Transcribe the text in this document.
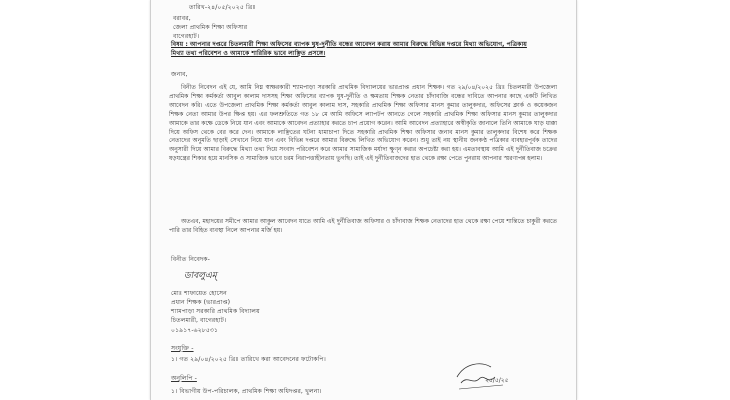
তারিখ-২৪/০৫/২০২৫ খ্রিঃ
বরাবর,
জেলা প্রাথমিক শিক্ষা অফিসার
বাগেরহাট।
বিষয় : আপনার দপ্তরে চিতলমারী শিক্ষা অফিসের ব্যাপক ঘুষ-দুর্নীতি বন্ধের আবেদন করায় আমার বিরুদ্ধে বিভিন্ন দপ্তরে মিথ্যা অভিযোগ, পত্রিকায় মিথ্যা তথ্য পরিবেশন ও আমাকে শারিরিক ভাবে লাঞ্ছিত প্রসঙ্গে।
জনাব,
বিনীত নিবেদন এই যে, আমি নিম্ন স্বাক্ষরকারী শ্যামপাড়া সরকারি প্রাথমিক বিদ্যালয়ের ভারপ্রাপ্ত প্রধান শিক্ষক। গত ২৯/০৪/২০২৫ খ্রিঃ চিতলমারী উপজেলা প্রাথমিক শিক্ষা কর্মকর্তা আবুল কালাম দাসসহ শিক্ষা অফিসের ব্যাপক ঘুষ-দুর্নীতি ও ক্ষমতায় শিক্ষক নেতার চাঁদাবাজি বন্ধের দাবিতে আপনার কাছে একটি লিখিত আবেদন করি। এতে উপজেলা প্রাথমিক শিক্ষা কর্মকর্তা আবুল কালাম দাস, সহকারি প্রাথমিক শিক্ষা অফিসার মানস কুমার তালুকদার, অফিসের ক্লার্ক ও কয়েকজন শিক্ষক নেতা আমার উপর ক্ষিপ্ত হয়। এর ফলশ্রুতিতে গত ১৮ মে আমি অফিসে ল্যাপটপ আনতে গেলে সহকারি প্রাথমিক শিক্ষা অফিসার মানস কুমার তালুকদার আমাকে তার কক্ষে ডেকে নিয়ে যান এবং আমাকে আবেদন প্রত্যাহার করতে চাপ প্রয়োগ করেন। আমি আবেদন প্রত্যাহারে অস্বীকৃতি জানালে তিনি আমাকে ঘাড় ধাক্কা দিয়ে অফিস থেকে বের করে দেন। আমাকে লাঞ্ছিতের ঘটনা ধামাচাপা দিতে সহকারি প্রাথমিক শিক্ষা অফিসার জনাব মানস কুমার তালুকদার বিশেষ করে শিক্ষক নেতাদের অনুমতি ছাড়াই সেখানে নিয়ে যান এবং বিভিন্ন দপ্তরে আমার বিরুদ্ধে লিখিত অভিযোগ করেন। শুধু তাই নয় স্থানীয় জনকণ্ঠ পত্রিকার ব্যবহারপূর্বক তাদের অনুসারী দিয়ে আমার বিরুদ্ধে মিথ্যা তথ্য দিয়ে সংবাদ পরিবেশন করে আমার সামাজিক মর্যাদা ক্ষুণ্ন করার অপচেষ্টা করা হয়। এমতাবস্থায় আমি এই দুর্নীতিবাজ চক্রের ষড়যন্ত্রের শিকার হয়ে মানসিক ও সামাজিক ভাবে চরম নিরাপত্তাহীনতায় ভুগছি। তাই এই দুর্নীতিবাজদের হাত থেকে রক্ষা পেতে পুনরায় আপনার স্মরণাপন্ন হলাম।
অতএব, মহাদয়ের সমীপে আমার আকুল আবেদন যাতে আমি এই দুর্নীতিবাজ অফিসার ও চাঁদাবাজ শিক্ষক নেতাদের হাত থেকে রক্ষা পেয়ে শান্তিতে চাকুরী করতে পারি তার বিহিত ব্যবস্থা নিলে আপনার মর্জি হয়।
বিনীত নিবেদক-
ডাবলুএম্
মোঃ শাফায়েত হোসেন
প্রধান শিক্ষক (ভারপ্রাপ্ত)
শ্যামপাড়া সরকারি প্রাথমিক বিদ্যালয়
চিতলমারী, বাগেরহাট।
০১৯১৭-৬২৮৫৩১
সংযুক্তি -
১। গত ২৯/০৪/২০২৫ খ্রিঃ তারিখে করা আবেদনের ফটোকপি।
অনুলিপি -
১। বিভাগীয় উপ-পরিচালক, প্রাথমিক শিক্ষা অধিদপ্তর, খুলনা।
২৫/৫/২৫
